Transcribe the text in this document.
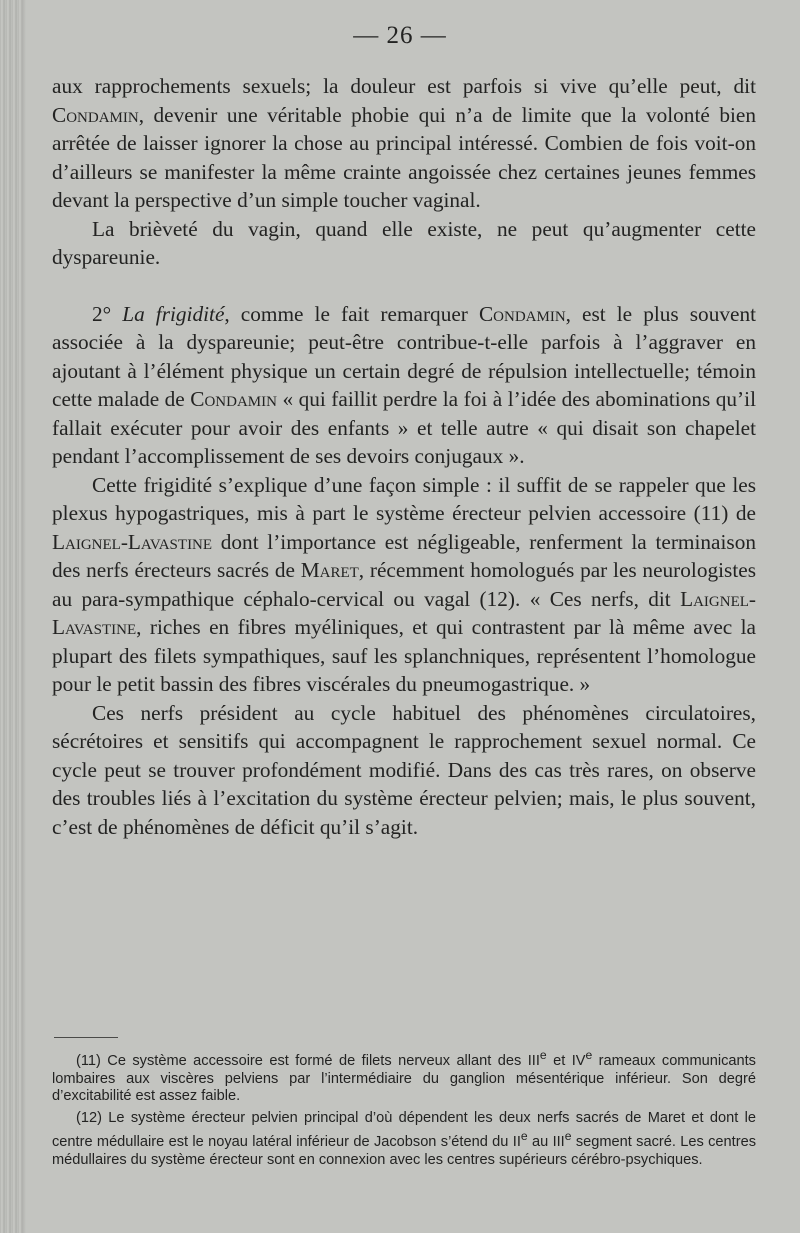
— 26 —

aux rapprochements sexuels; la douleur est parfois si vive qu’elle peut, dit Condamin, devenir une véritable phobie qui n’a de limite que la volonté bien arrêtée de laisser ignorer la chose au principal intéressé. Combien de fois voit-on d’ailleurs se manifester la même crainte angoissée chez certaines jeunes femmes devant la perspective d’un simple toucher vaginal.

La brièveté du vagin, quand elle existe, ne peut qu’augmenter cette dyspareunie.

2° La frigidité, comme le fait remarquer Condamin, est le plus souvent associée à la dyspareunie; peut-être contribue-t-elle parfois à l’aggraver en ajoutant à l’élément physique un certain degré de répulsion intellectuelle; témoin cette malade de Condamin « qui faillit perdre la foi à l’idée des abominations qu’il fallait exécuter pour avoir des enfants » et telle autre « qui disait son chapelet pendant l’accomplissement de ses devoirs conjugaux ».

Cette frigidité s’explique d’une façon simple : il suffit de se rappeler que les plexus hypogastriques, mis à part le système érecteur pelvien accessoire (11) de Laignel-Lavastine dont l’importance est négligeable, renferment la terminaison des nerfs érecteurs sacrés de Maret, récemment homologués par les neurologistes au para-sympathique céphalo-cervical ou vagal (12). « Ces nerfs, dit Laignel-Lavastine, riches en fibres myéliniques, et qui contrastent par là même avec la plupart des filets sympathiques, sauf les splanchniques, représentent l’homologue pour le petit bassin des fibres viscérales du pneumogastrique. »

Ces nerfs président au cycle habituel des phénomènes circulatoires, sécrétoires et sensitifs qui accompagnent le rapprochement sexuel normal. Ce cycle peut se trouver profondément modifié. Dans des cas très rares, on observe des troubles liés à l’excitation du système érecteur pelvien; mais, le plus souvent, c’est de phénomènes de déficit qu’il s’agit.

(11) Ce système accessoire est formé de filets nerveux allant des IIIe et IVe rameaux communicants lombaires aux viscères pelviens par l’intermédiaire du ganglion mésentérique inférieur. Son degré d’excitabilité est assez faible.

(12) Le système érecteur pelvien principal d’où dépendent les deux nerfs sacrés de Maret et dont le centre médullaire est le noyau latéral inférieur de Jacobson s’étend du IIe au IIIe segment sacré. Les centres médullaires du système érecteur sont en connexion avec les centres supérieurs cérébro-psychiques.
